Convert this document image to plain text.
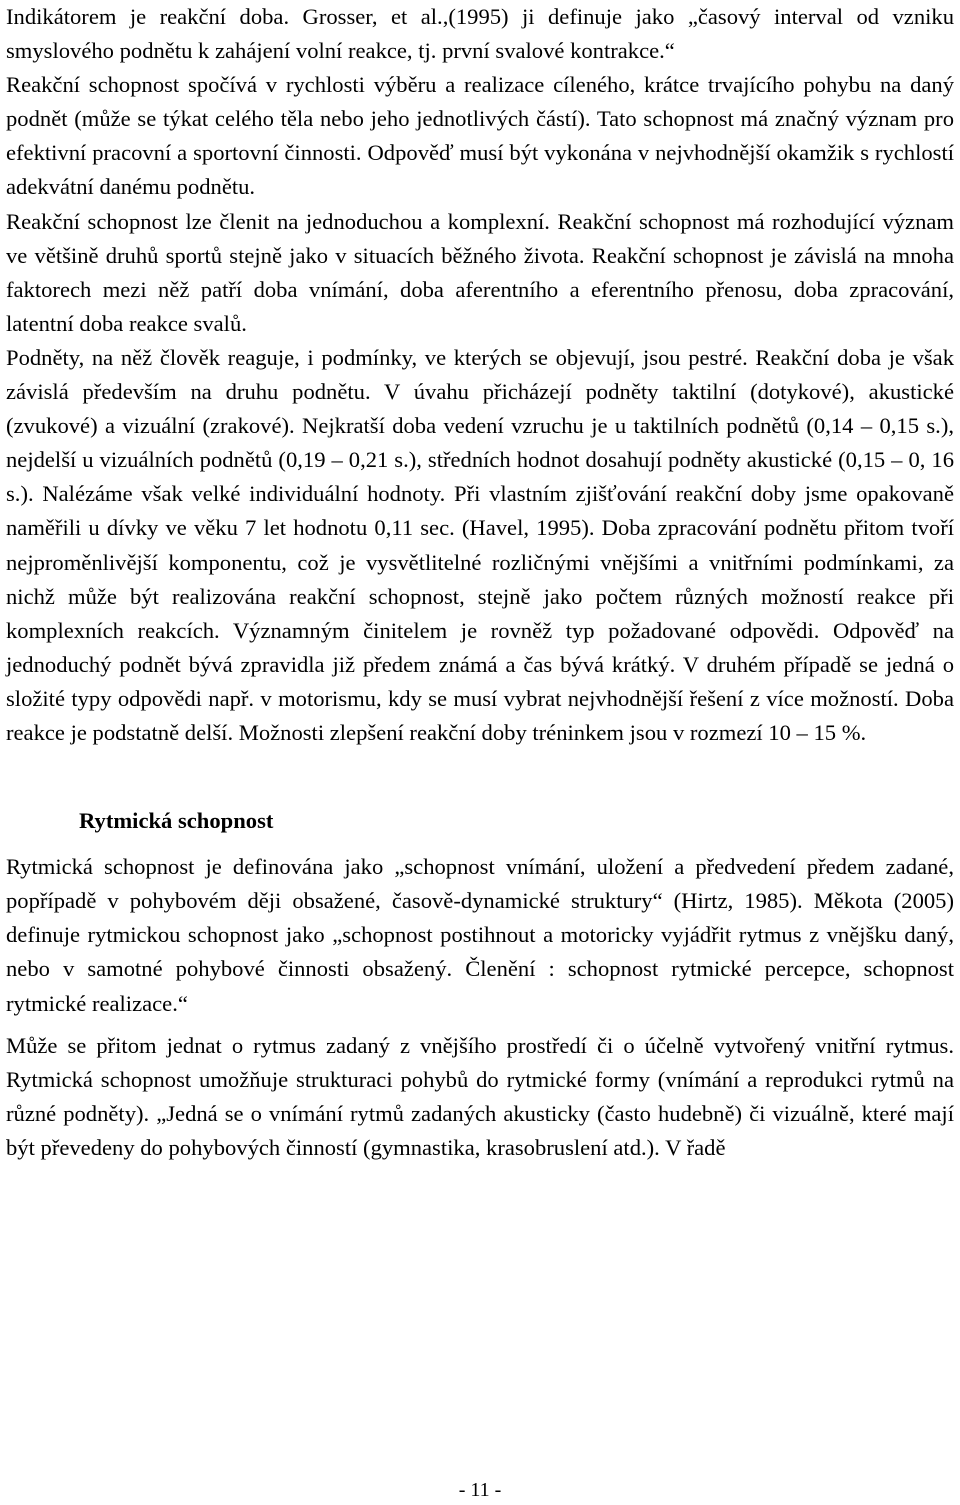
Indikátorem je reakční doba. Grosser, et al.,(1995) ji definuje jako „časový interval od vzniku smyslového podnětu k zahájení volní reakce, tj. první svalové kontrakce.“

Reakční schopnost spočívá v rychlosti výběru a realizace cíleného, krátce trvajícího pohybu na daný podnět (může se týkat celého těla nebo jeho jednotlivých částí). Tato schopnost má značný význam pro efektivní pracovní a sportovní činnosti. Odpověď musí být vykonána v nejvhodnější okamžik s rychlostí adekvátní danému podnětu.

Reakční schopnost lze členit na jednoduchou a komplexní. Reakční schopnost má rozhodující význam ve většině druhů sportů stejně jako v situacích běžného života. Reakční schopnost je závislá na mnoha faktorech mezi něž patří doba vnímání, doba aferentního a eferentního přenosu, doba zpracování, latentní doba reakce svalů.

Podněty, na něž člověk reaguje, i podmínky, ve kterých se objevují, jsou pestré. Reakční doba je však závislá především na druhu podnětu. V úvahu přicházejí podněty taktilní (dotykové), akustické (zvukové) a vizuální (zrakové). Nejkratší doba vedení vzruchu je u taktilních podnětů (0,14 – 0,15 s.), nejdelší u vizuálních podnětů (0,19 – 0,21 s.), středních hodnot dosahují podněty akustické (0,15 – 0, 16 s.). Nalézáme však velké individuální hodnoty. Při vlastním zjišťování reakční doby jsme opakovaně naměřili u dívky ve věku 7 let hodnotu 0,11 sec. (Havel, 1995). Doba zpracování podnětu přitom tvoří nejproměnlivější komponentu, což je vysvětlitelné rozličnými vnějšími a vnitřními podmínkami, za nichž může být realizována reakční schopnost, stejně jako počtem různých možností reakce při komplexních reakcích. Významným činitelem je rovněž typ požadované odpovědi. Odpověď na jednoduchý podnět bývá zpravidla již předem známá a čas bývá krátký. V druhém případě se jedná o složité typy odpovědi např. v motorismu, kdy se musí vybrat nejvhodnější řešení z více možností. Doba reakce je podstatně delší. Možnosti zlepšení reakční doby tréninkem jsou v rozmezí 10 – 15 %.

Rytmická schopnost

Rytmická schopnost je definována jako „schopnost vnímání, uložení a předvedení předem zadané, popřípadě v pohybovém ději obsažené, časově-dynamické struktury“ (Hirtz, 1985). Měkota (2005) definuje rytmickou schopnost jako „schopnost postihnout a motoricky vyjádřit rytmus z vnějšku daný, nebo v samotné pohybové činnosti obsažený. Členění : schopnost rytmické percepce, schopnost rytmické realizace.“

Může se přitom jednat o rytmus zadaný z vnějšího prostředí či o účelně vytvořený vnitřní rytmus. Rytmická schopnost umožňuje strukturaci pohybů do rytmické formy (vnímání a reprodukci rytmů na různé podněty). „Jedná se o vnímání rytmů zadaných akusticky (často hudebně) či vizuálně, které mají být převedeny do pohybových činností (gymnastika, krasobruslení atd.). V řadě

- 11 -
